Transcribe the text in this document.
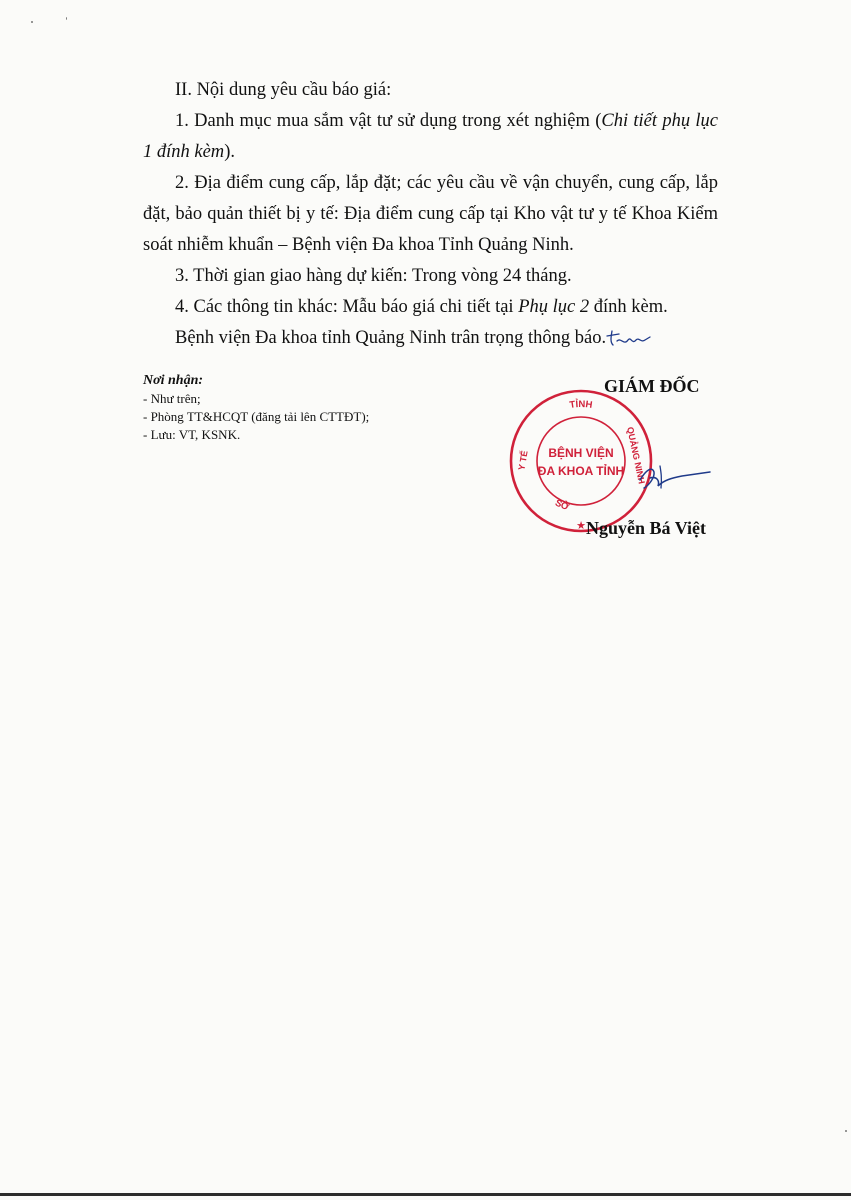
II. Nội dung yêu cầu báo giá:

1. Danh mục mua sắm vật tư sử dụng trong xét nghiệm (Chi tiết phụ lục 1 đính kèm).

2. Địa điểm cung cấp, lắp đặt; các yêu cầu về vận chuyển, cung cấp, lắp đặt, bảo quản thiết bị y tế: Địa điểm cung cấp tại Kho vật tư y tế Khoa Kiểm soát nhiễm khuẩn – Bệnh viện Đa khoa Tỉnh Quảng Ninh.

3. Thời gian giao hàng dự kiến: Trong vòng 24 tháng.

4. Các thông tin khác: Mẫu báo giá chi tiết tại Phụ lục 2 đính kèm.

Bệnh viện Đa khoa tỉnh Quảng Ninh trân trọng thông báo.

Nơi nhận:
- Như trên;
- Phòng TT&HCQT (đăng tải lên CTTĐT);
- Lưu: VT, KSNK.
TỈNH
QUẢNG NINH
Y TẾ
SỞ
BỆNH VIỆN
ĐA KHOA TỈNH
★
GIÁM ĐỐC
Nguyễn Bá Việt
